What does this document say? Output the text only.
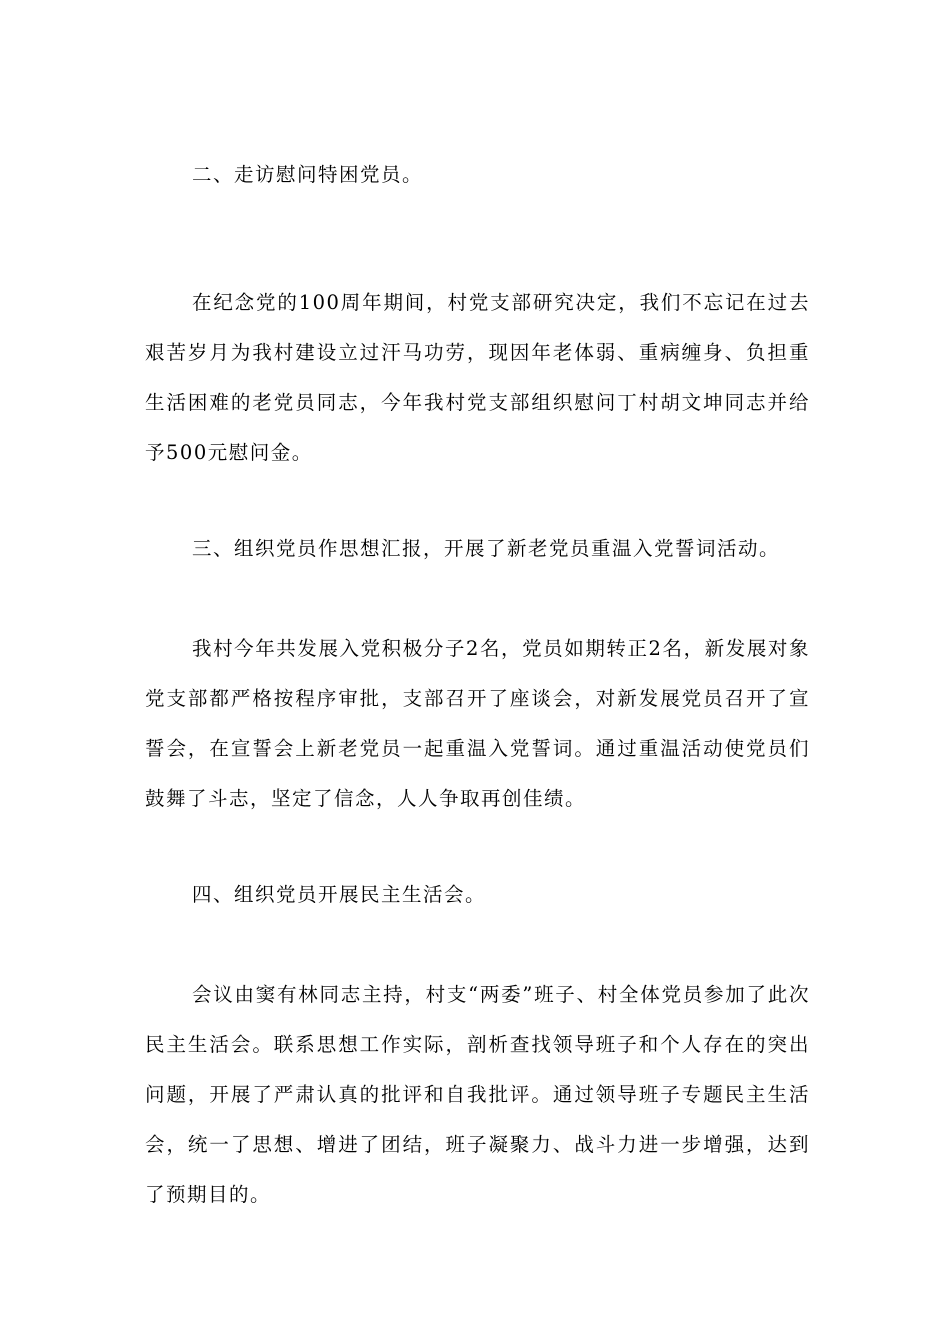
二、走访慰问特困党员。

在纪念党的100周年期间，村党支部研究决定，我们不忘记在过去艰苦岁月为我村建设立过汗马功劳，现因年老体弱、重病缠身、负担重生活困难的老党员同志，今年我村党支部组织慰问丁村胡文坤同志并给予500元慰问金。

三、组织党员作思想汇报，开展了新老党员重温入党誓词活动。

我村今年共发展入党积极分子2名，党员如期转正2名，新发展对象党支部都严格按程序审批，支部召开了座谈会，对新发展党员召开了宣誓会，在宣誓会上新老党员一起重温入党誓词。通过重温活动使党员们鼓舞了斗志，坚定了信念，人人争取再创佳绩。

四、组织党员开展民主生活会。

会议由窦有林同志主持，村支“两委”班子、村全体党员参加了此次民主生活会。联系思想工作实际，剖析查找领导班子和个人存在的突出问题，开展了严肃认真的批评和自我批评。通过领导班子专题民主生活会，统一了思想、增进了团结，班子凝聚力、战斗力进一步增强，达到了预期目的。
